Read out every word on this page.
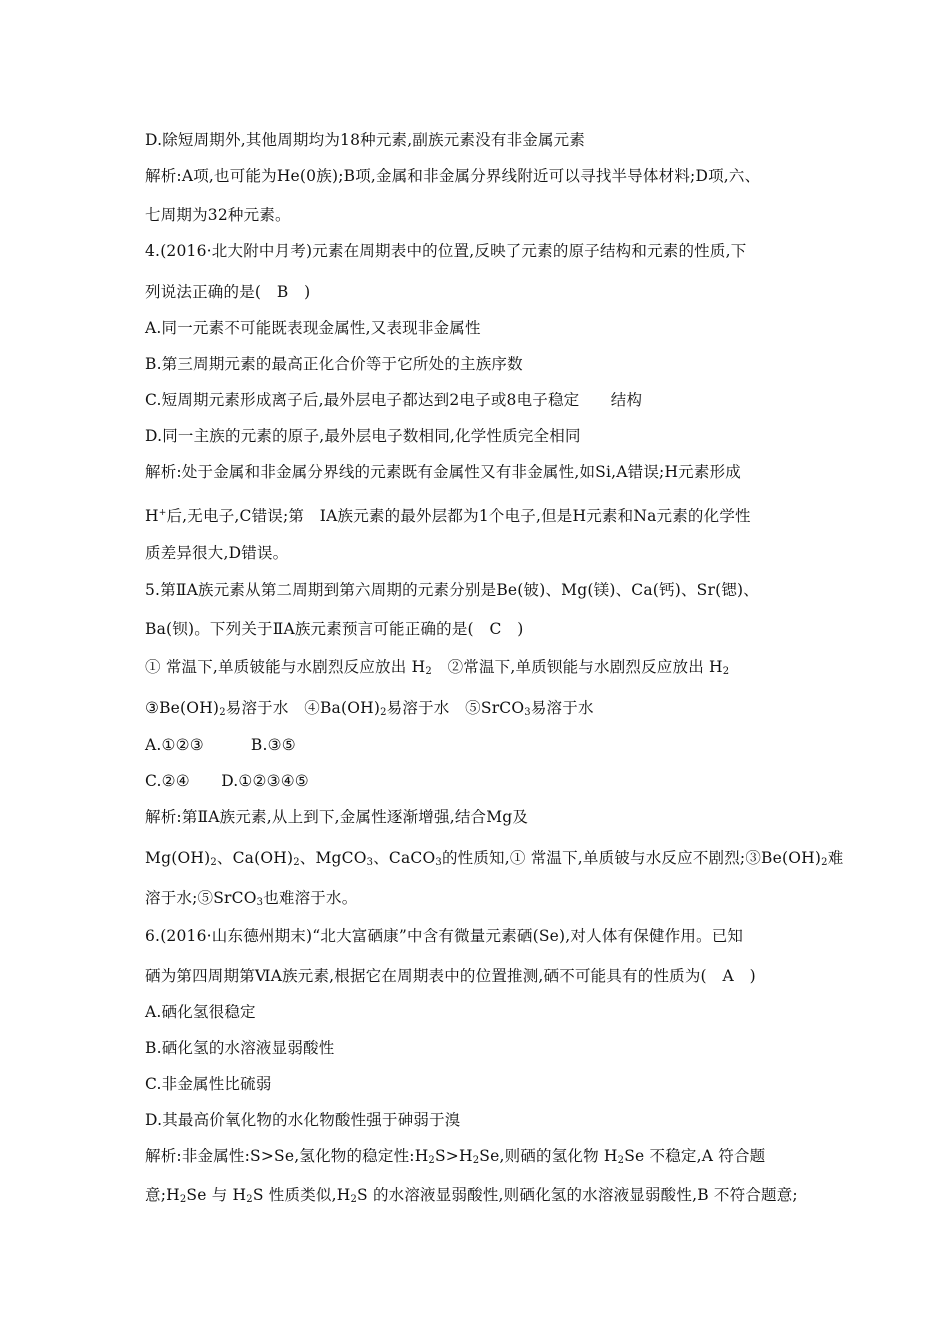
D.除短周期外,其他周期均为18种元素,副族元素没有非金属元素
解析:A项,也可能为He(0族);B项,金属和非金属分界线附近可以寻找半导体材料;D项,六、
七周期为32种元素。
4.(2016·北大附中月考)元素在周期表中的位置,反映了元素的原子结构和元素的性质,下
列说法正确的是(　B　)
A.同一元素不可能既表现金属性,又表现非金属性
B.第三周期元素的最高正化合价等于它所处的主族序数
C.短周期元素形成离子后,最外层电子都达到2电子或8电子稳定　　结构
D.同一主族的元素的原子,最外层电子数相同,化学性质完全相同
解析:处于金属和非金属分界线的元素既有金属性又有非金属性,如Si,A错误;H元素形成
H+后,无电子,C错误;第　ⅠA族元素的最外层都为1个电子,但是H元素和Na元素的化学性
质差异很大,D错误。
5.第ⅡA族元素从第二周期到第六周期的元素分别是Be(铍)、Mg(镁)、Ca(钙)、Sr(锶)、
Ba(钡)。下列关于ⅡA族元素预言可能正确的是(　C　)
① 常温下,单质铍能与水剧烈反应放出 $H_2$　②常温下,单质钡能与水剧烈反应放出 $H_2$
$③Be(OH)_2$易溶于水　$④Ba(OH)_2$易溶于水　⑤SrCO$_3$易溶于水
A.①②③　　　B.③⑤
C.②④　　D.①②③④⑤
解析:第ⅡA族元素,从上到下,金属性逐渐增强,结合Mg及
$Mg(OH)_2$、$Ca(OH)_2$、MgCO$_3$、CaCO$_3$的性质知,① 常温下,单质铍与水反应不剧烈$;③Be(OH)_2$难
溶于水;⑤SrCO$_3$也难溶于水。
6.(2016·山东德州期末)“北大富硒康”中含有微量元素硒(Se),对人体有保健作用。已知
硒为第四周期第ⅥA族元素,根据它在周期表中的位置推测,硒不可能具有的性质为(　A　)
A.硒化氢很稳定
B.硒化氢的水溶液显弱酸性
C.非金属性比硫弱
D.其最高价氧化物的水化物酸性强于砷弱于溴
解析:非金属性:S>Se,氢化物的稳定性$:H_2S>H_2Se$,则硒的氢化物 $H_2Se$ 不稳定,A 符合题
意$;H_2Se$ 与 $H_2S$ 性质类似$,H_2S$ 的水溶液显弱酸性,则硒化氢的水溶液显弱酸性,B 不符合题意;
